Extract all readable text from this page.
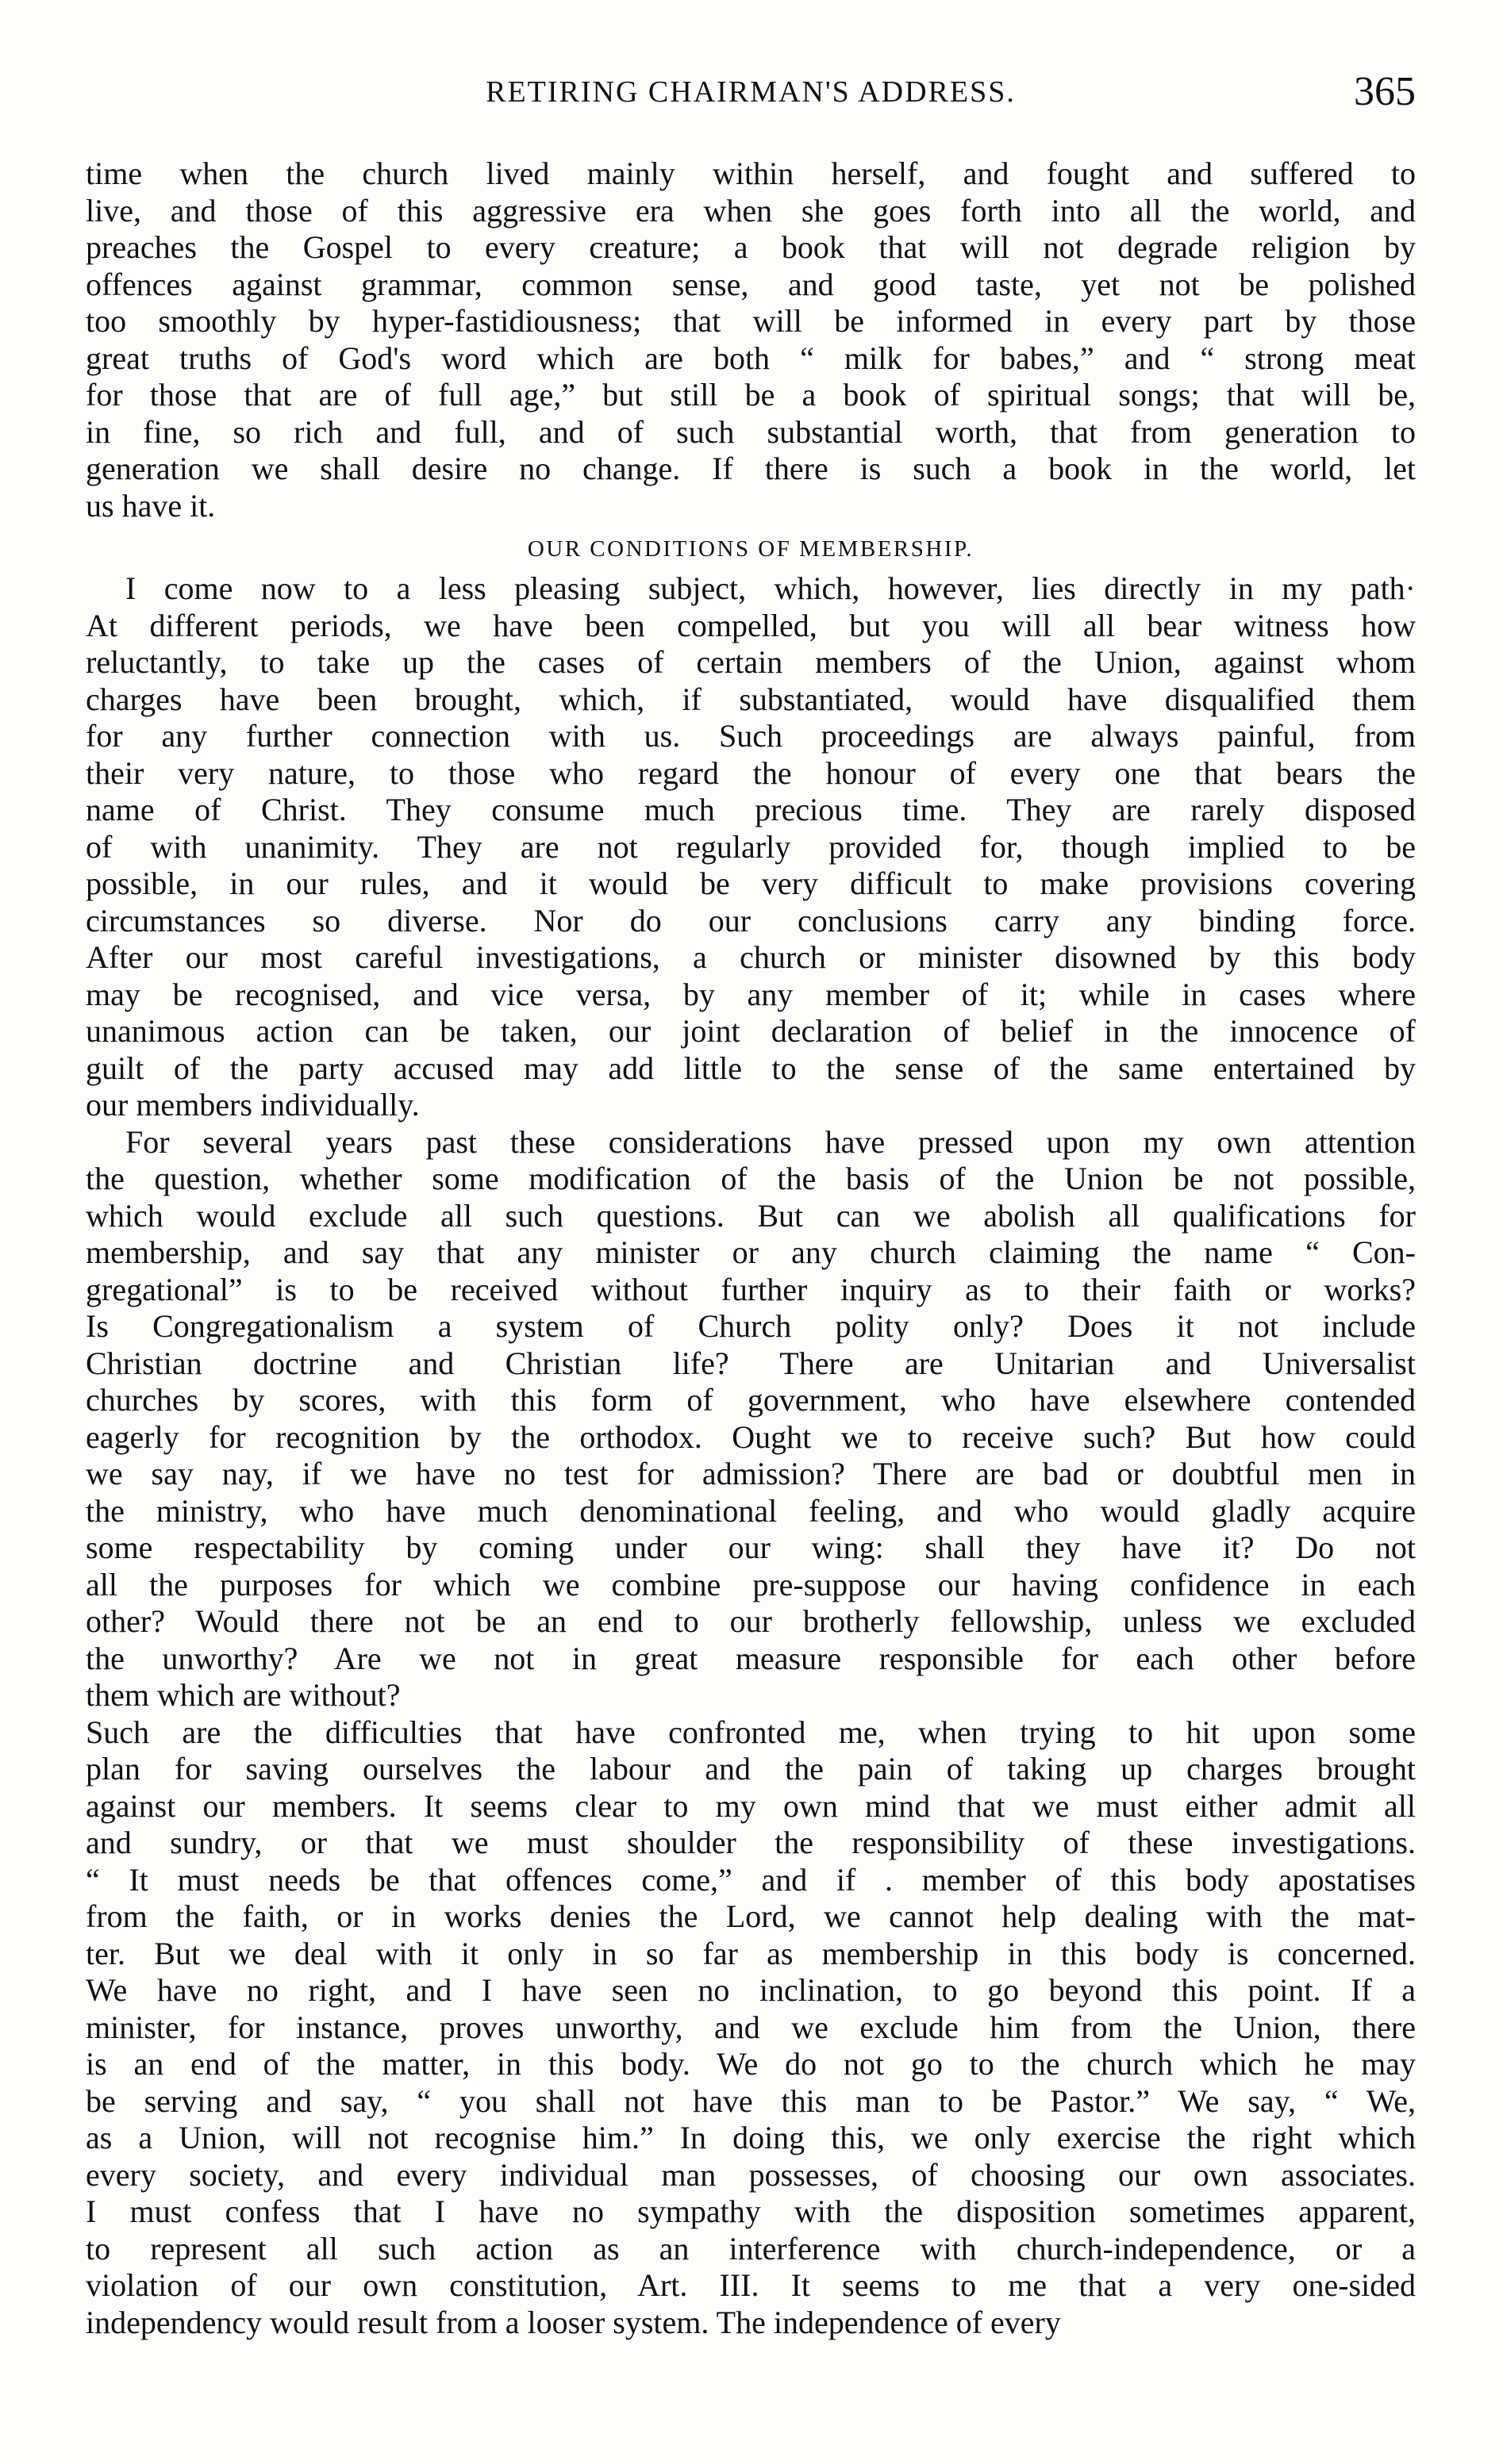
RETIRING CHAIRMAN'S ADDRESS.	365
time when the church lived mainly within herself, and fought and suffered to
live, and those of this aggressive era when she goes forth into all the world, and
preaches the Gospel to every creature; a book that will not degrade religion by
offences against grammar, common sense, and good taste, yet not be polished
too smoothly by hyper-fastidiousness; that will be informed in every part by those
great truths of God's word which are both “ milk for babes,” and “ strong meat
for those that are of full age,” but still be a book of spiritual songs; that will be,
in fine, so rich and full, and of such substantial worth, that from generation to
generation we shall desire no change. If there is such a book in the world, let
us have it.
OUR CONDITIONS OF MEMBERSHIP.
I come now to a less pleasing subject, which, however, lies directly in my path·
At different periods, we have been compelled, but you will all bear witness how
reluctantly, to take up the cases of certain members of the Union, against whom
charges have been brought, which, if substantiated, would have disqualified them
for any further connection with us. Such proceedings are always painful, from
their very nature, to those who regard the honour of every one that bears the
name of Christ. They consume much precious time. They are rarely disposed
of with unanimity. They are not regularly provided for, though implied to be
possible, in our rules, and it would be very difficult to make provisions covering
circumstances so diverse. Nor do our conclusions carry any binding force.
After our most careful investigations, a church or minister disowned by this body
may be recognised, and vice versa, by any member of it; while in cases where
unanimous action can be taken, our joint declaration of belief in the innocence of
guilt of the party accused may add little to the sense of the same entertained by
our members individually.
For several years past these considerations have pressed upon my own attention
the question, whether some modification of the basis of the Union be not possible,
which would exclude all such questions. But can we abolish all qualifications for
membership, and say that any minister or any church claiming the name “ Con-
gregational” is to be received without further inquiry as to their faith or works?
Is Congregationalism a system of Church polity only? Does it not include
Christian doctrine and Christian life? There are Unitarian and Universalist
churches by scores, with this form of government, who have elsewhere contended
eagerly for recognition by the orthodox. Ought we to receive such? But how could
we say nay, if we have no test for admission? There are bad or doubtful men in
the ministry, who have much denominational feeling, and who would gladly acquire
some respectability by coming under our wing: shall they have it? Do not
all the purposes for which we combine pre-suppose our having confidence in each
other? Would there not be an end to our brotherly fellowship, unless we excluded
the unworthy? Are we not in great measure responsible for each other before
them which are without?
Such are the difficulties that have confronted me, when trying to hit upon some
plan for saving ourselves the labour and the pain of taking up charges brought
against our members. It seems clear to my own mind that we must either admit all
and sundry, or that we must shoulder the responsibility of these investigations.
“ It must needs be that offences come,” and if . member of this body apostatises
from the faith, or in works denies the Lord, we cannot help dealing with the mat-
ter. But we deal with it only in so far as membership in this body is concerned.
We have no right, and I have seen no inclination, to go beyond this point. If a
minister, for instance, proves unworthy, and we exclude him from the Union, there
is an end of the matter, in this body. We do not go to the church which he may
be serving and say, “ you shall not have this man to be Pastor.” We say, “ We,
as a Union, will not recognise him.” In doing this, we only exercise the right which
every society, and every individual man possesses, of choosing our own associates.
I must confess that I have no sympathy with the disposition sometimes apparent,
to represent all such action as an interference with church-independence, or a
violation of our own constitution, Art. III. It seems to me that a very one-sided
independency would result from a looser system. The independence of every
